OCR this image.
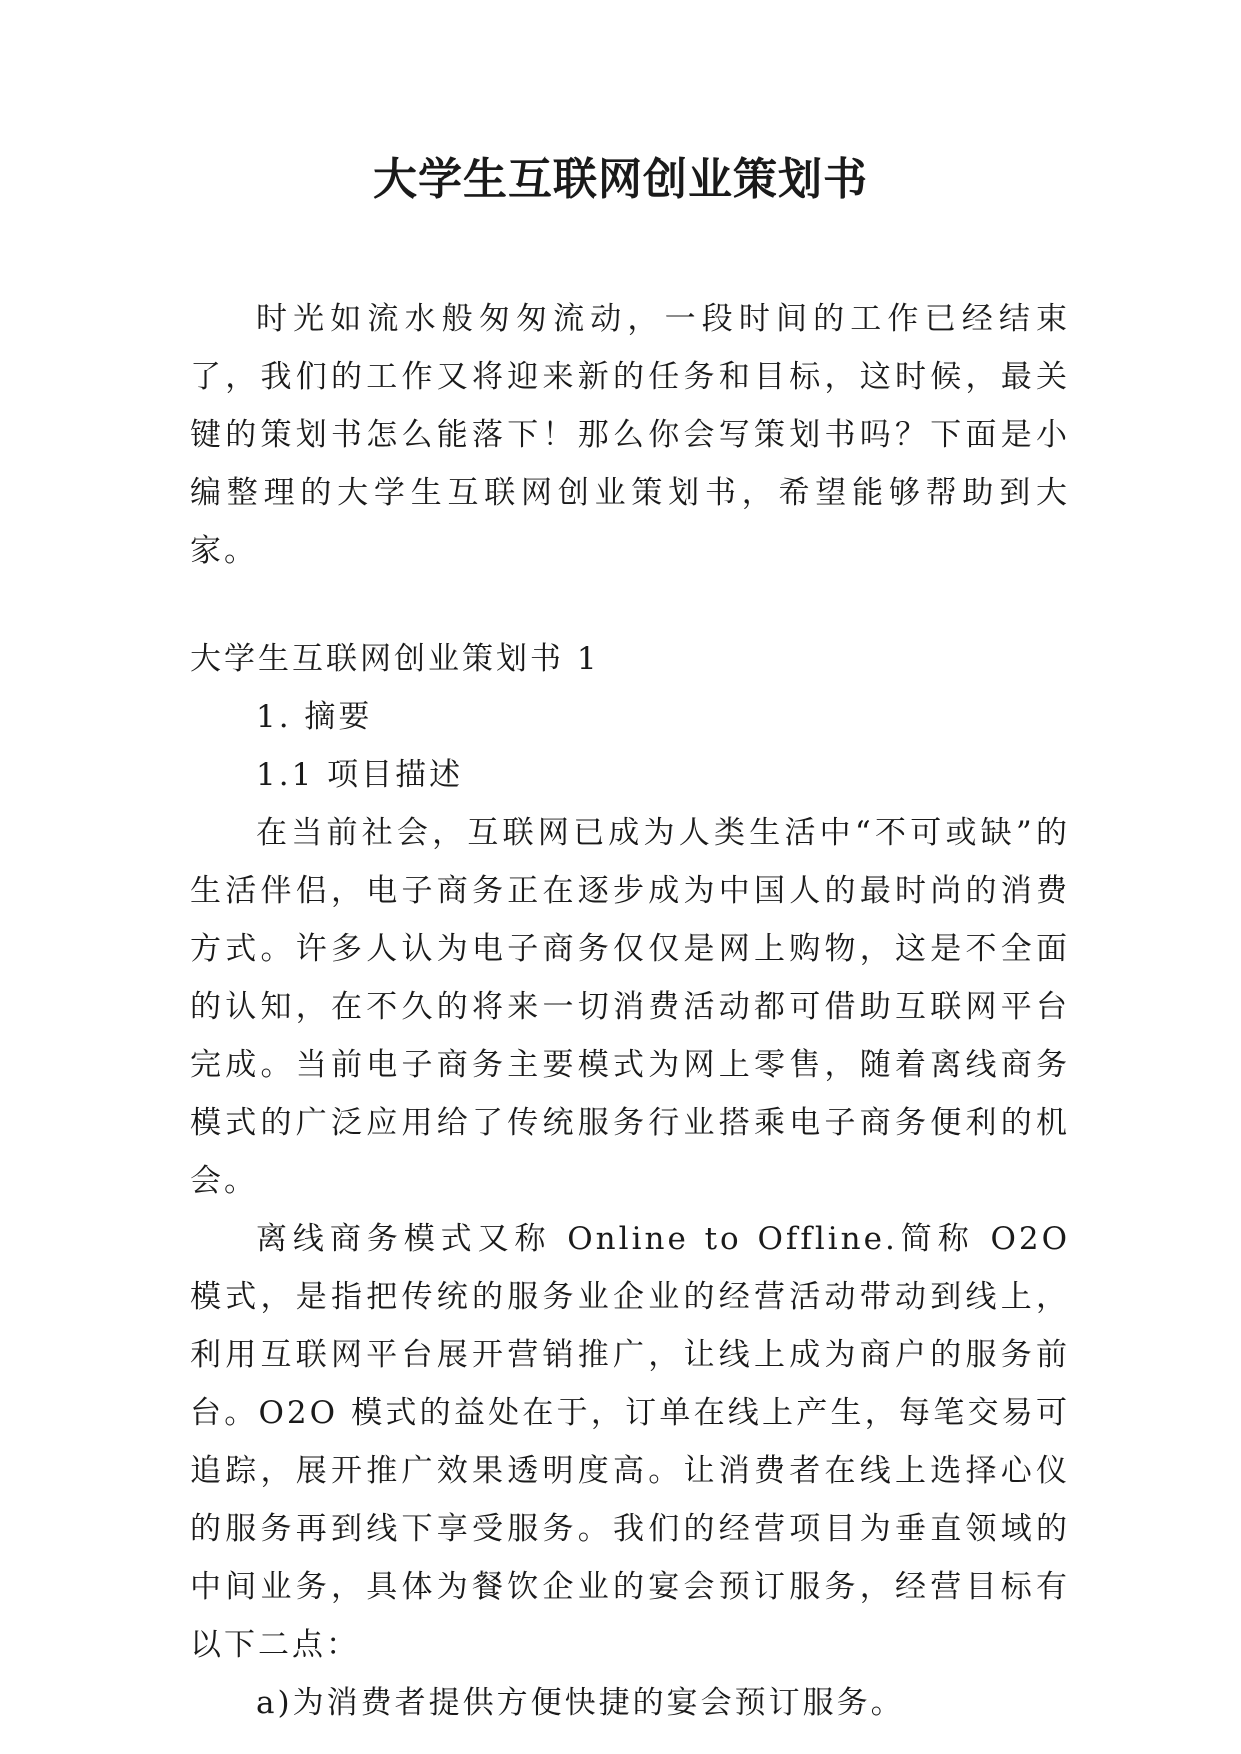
大学生互联网创业策划书

时光如流水般匆匆流动，一段时间的工作已经结束了，我们的工作又将迎来新的任务和目标，这时候，最关键的策划书怎么能落下！那么你会写策划书吗？下面是小编整理的大学生互联网创业策划书，希望能够帮助到大家。

大学生互联网创业策划书 1

1. 摘要

1.1 项目描述

在当前社会，互联网已成为人类生活中“不可或缺”的生活伴侣，电子商务正在逐步成为中国人的最时尚的消费方式。许多人认为电子商务仅仅是网上购物，这是不全面的认知，在不久的将来一切消费活动都可借助互联网平台完成。当前电子商务主要模式为网上零售，随着离线商务模式的广泛应用给了传统服务行业搭乘电子商务便利的机会。

离线商务模式又称 Online to Offline.简称 O2O 模式，是指把传统的服务业企业的经营活动带动到线上，利用互联网平台展开营销推广，让线上成为商户的服务前台。O2O 模式的益处在于，订单在线上产生，每笔交易可追踪，展开推广效果透明度高。让消费者在线上选择心仪的服务再到线下享受服务。我们的经营项目为垂直领域的中间业务，具体为餐饮企业的宴会预订服务，经营目标有以下二点：

a)为消费者提供方便快捷的宴会预订服务。
